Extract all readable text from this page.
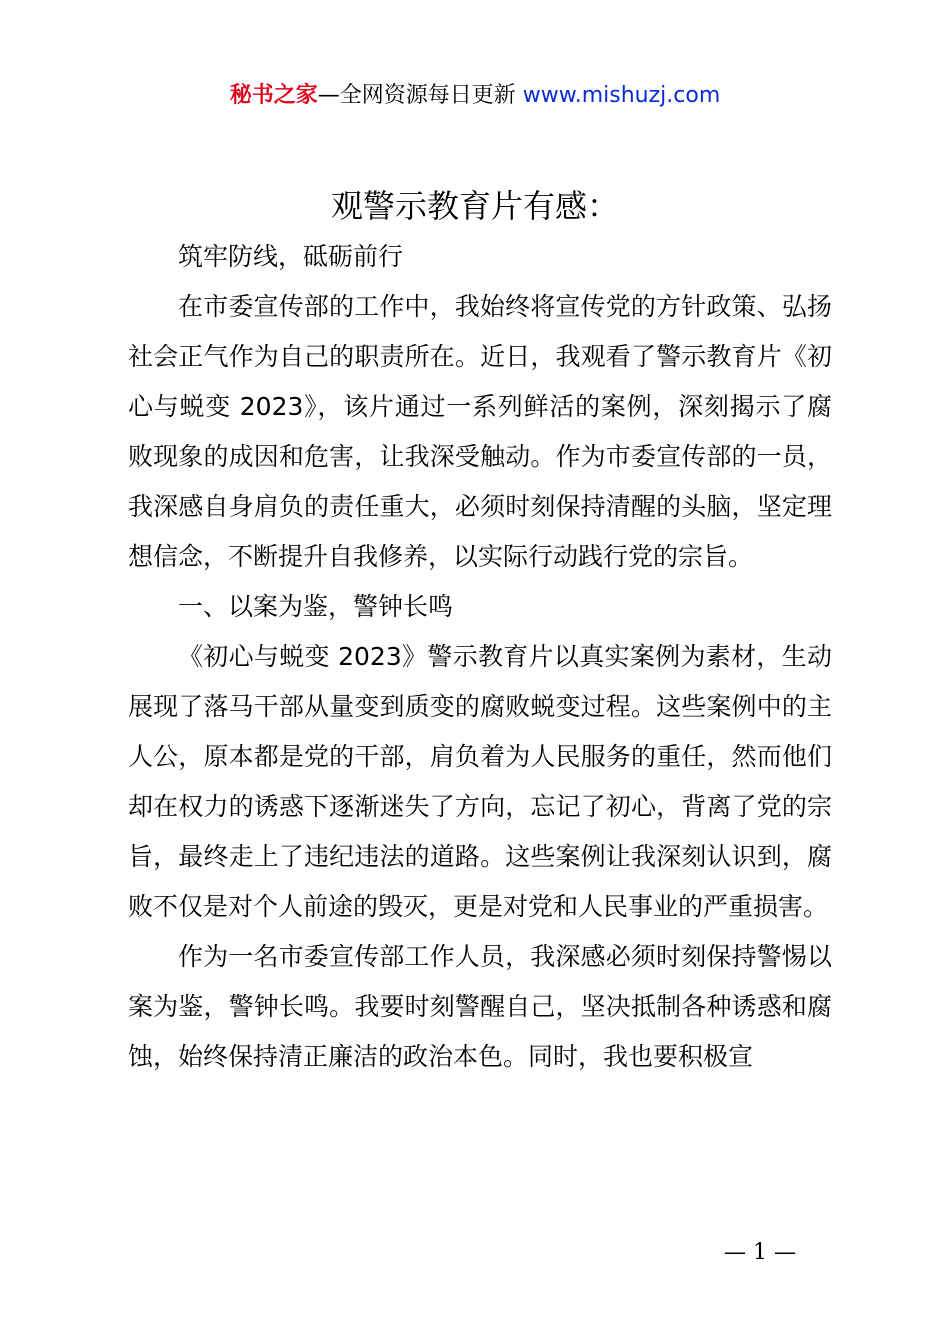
秘书之家—全网资源每日更新 www.mishuzj.com
观警示教育片有感：

筑牢防线，砥砺前行

在市委宣传部的工作中，我始终将宣传党的方针政策、弘扬社会正气作为自己的职责所在。近日，我观看了警示教育片《初心与蜕变 2023》，该片通过一系列鲜活的案例，深刻揭示了腐败现象的成因和危害，让我深受触动。作为市委宣传部的一员，我深感自身肩负的责任重大，必须时刻保持清醒的头脑，坚定理想信念，不断提升自我修养，以实际行动践行党的宗旨。

一、以案为鉴，警钟长鸣

《初心与蜕变 2023》警示教育片以真实案例为素材，生动展现了落马干部从量变到质变的腐败蜕变过程。这些案例中的主人公，原本都是党的干部，肩负着为人民服务的重任，然而他们却在权力的诱惑下逐渐迷失了方向，忘记了初心，背离了党的宗旨，最终走上了违纪违法的道路。这些案例让我深刻认识到，腐败不仅是对个人前途的毁灭，更是对党和人民事业的严重损害。

作为一名市委宣传部工作人员，我深感必须时刻保持警惕以案为鉴，警钟长鸣。我要时刻警醒自己，坚决抵制各种诱惑和腐蚀，始终保持清正廉洁的政治本色。同时，我也要积极宣

— 1 —
